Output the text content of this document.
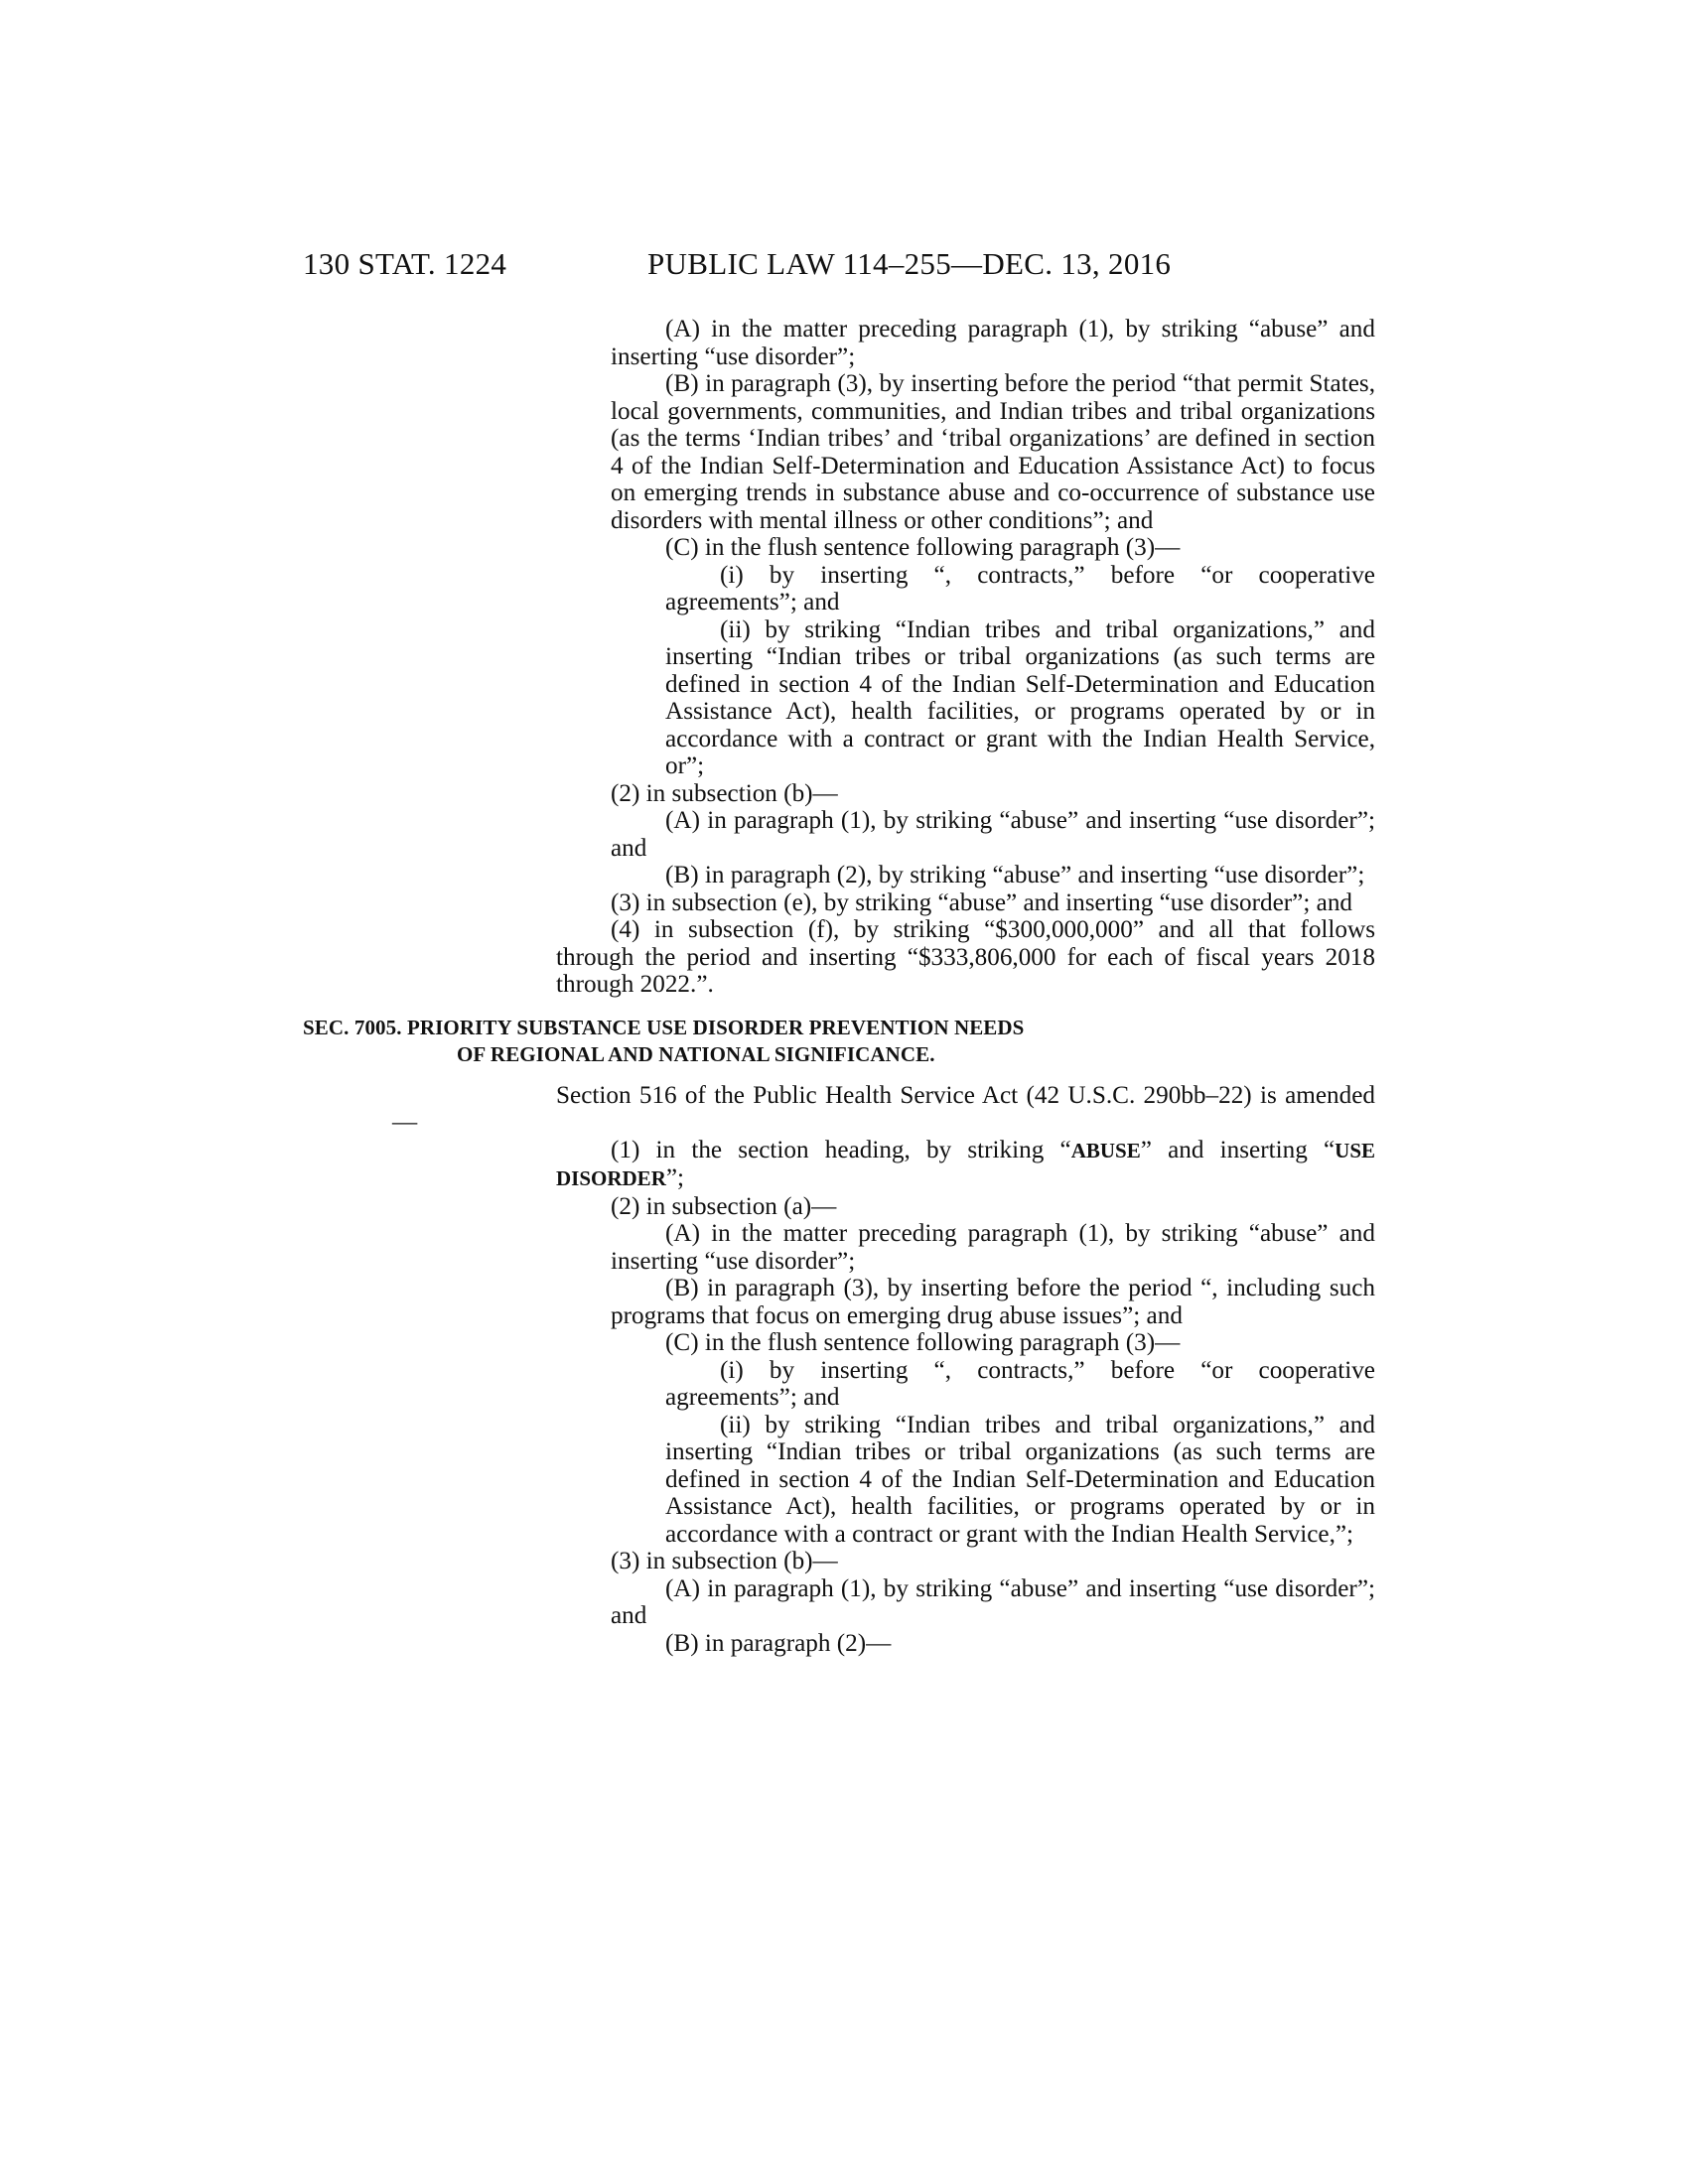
130 STAT. 1224	PUBLIC LAW 114–255—DEC. 13, 2016

(A) in the matter preceding paragraph (1), by striking “abuse” and inserting “use disorder”;

(B) in paragraph (3), by inserting before the period “that permit States, local governments, communities, and Indian tribes and tribal organizations (as the terms ‘Indian tribes’ and ‘tribal organizations’ are defined in section 4 of the Indian Self-Determination and Education Assistance Act) to focus on emerging trends in substance abuse and co-occurrence of substance use disorders with mental illness or other conditions”; and

(C) in the flush sentence following paragraph (3)—

(i) by inserting “, contracts,” before “or cooperative agreements”; and

(ii) by striking “Indian tribes and tribal organizations,” and inserting “Indian tribes or tribal organizations (as such terms are defined in section 4 of the Indian Self-Determination and Education Assistance Act), health facilities, or programs operated by or in accordance with a contract or grant with the Indian Health Service, or”;

(2) in subsection (b)—

(A) in paragraph (1), by striking “abuse” and inserting “use disorder”; and

(B) in paragraph (2), by striking “abuse” and inserting “use disorder”;

(3) in subsection (e), by striking “abuse” and inserting “use disorder”; and

(4) in subsection (f), by striking “$300,000,000” and all that follows through the period and inserting “$333,806,000 for each of fiscal years 2018 through 2022.”.

SEC. 7005. PRIORITY SUBSTANCE USE DISORDER PREVENTION NEEDS
OF REGIONAL AND NATIONAL SIGNIFICANCE.

Section 516 of the Public Health Service Act (42 U.S.C. 290bb–22) is amended—

(1) in the section heading, by striking “ABUSE” and inserting “USE DISORDER”;

(2) in subsection (a)—

(A) in the matter preceding paragraph (1), by striking “abuse” and inserting “use disorder”;

(B) in paragraph (3), by inserting before the period “, including such programs that focus on emerging drug abuse issues”; and

(C) in the flush sentence following paragraph (3)—

(i) by inserting “, contracts,” before “or cooperative agreements”; and

(ii) by striking “Indian tribes and tribal organizations,” and inserting “Indian tribes or tribal organizations (as such terms are defined in section 4 of the Indian Self-Determination and Education Assistance Act), health facilities, or programs operated by or in accordance with a contract or grant with the Indian Health Service,”;

(3) in subsection (b)—

(A) in paragraph (1), by striking “abuse” and inserting “use disorder”; and

(B) in paragraph (2)—
